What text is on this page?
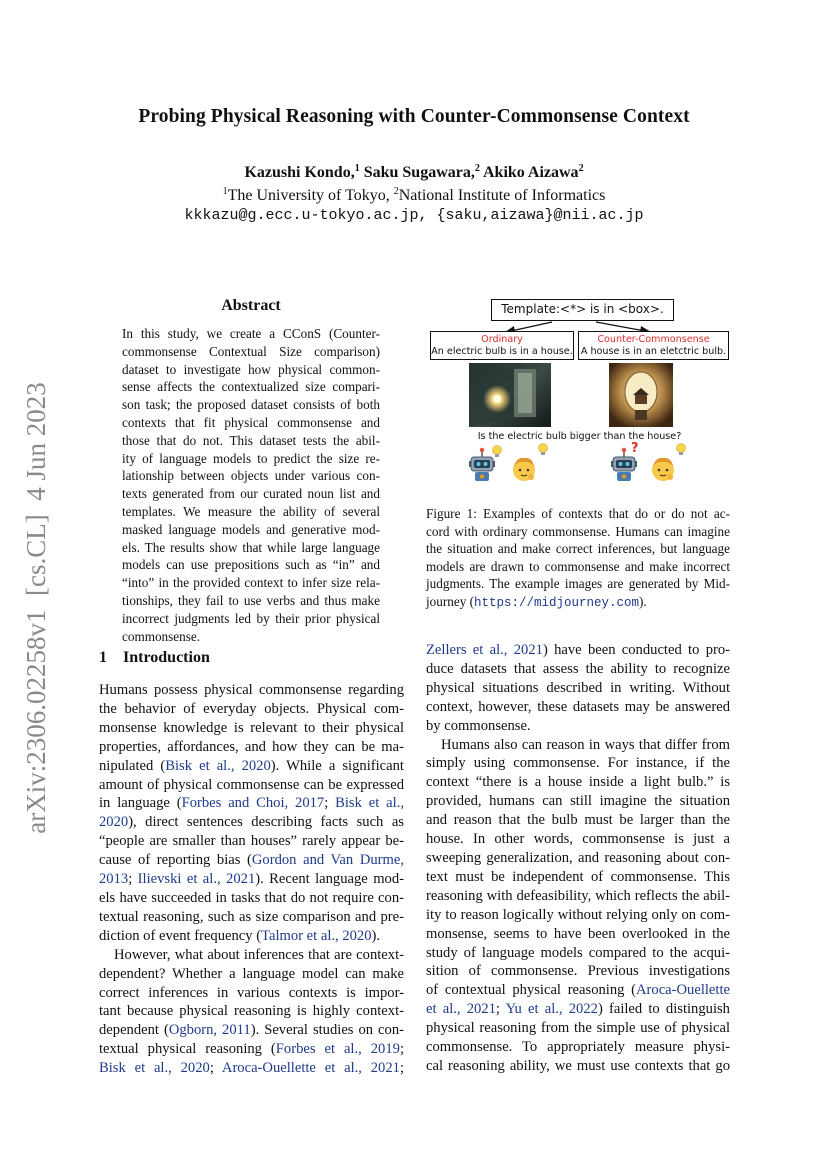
arXiv:2306.02258v1  [cs.CL]  4 Jun 2023
Probing Physical Reasoning with Counter-Commonsense Context
Kazushi Kondo,$^1$ Saku Sugawara,$^2$ Akiko Aizawa$^2$
$^1$The University of Tokyo, $^2$National Institute of Informatics
kkkazu@g.ecc.u-tokyo.ac.jp, {saku,aizawa}@nii.ac.jp
Abstract
In this study, we create a CConS (Counter-
commonsense Contextual Size comparison)
dataset to investigate how physical common-
sense affects the contextualized size compari-
son task; the proposed dataset consists of both
contexts that fit physical commonsense and
those that do not. This dataset tests the abil-
ity of language models to predict the size re-
lationship between objects under various con-
texts generated from our curated noun list and
templates. We measure the ability of several
masked language models and generative mod-
els. The results show that while large language
models can use prepositions such as “in” and
“into” in the provided context to infer size rela-
tionships, they fail to use verbs and thus make
incorrect judgments led by their prior physical
commonsense.
?
Template:<*> is in <box>.
Ordinary
An electric bulb is in a house.
Counter-Commonsense
A house is in an eletctric bulb.
Is the electric bulb bigger than the house?
Figure 1: Examples of contexts that do or do not ac-
cord with ordinary commonsense. Humans can imagine
the situation and make correct inferences, but language
models are drawn to commonsense and make incorrect
judgments. The example images are generated by Mid-
journey (https://midjourney.com).
1 Introduction
Humans possess physical commonsense regarding
the behavior of everyday objects. Physical com-
monsense knowledge is relevant to their physical
properties, affordances, and how they can be ma-
nipulated (Bisk et al., 2020). While a significant
amount of physical commonsense can be expressed
in language (Forbes and Choi, 2017; Bisk et al.,
2020), direct sentences describing facts such as
“people are smaller than houses” rarely appear be-
cause of reporting bias (Gordon and Van Durme,
2013; Ilievski et al., 2021). Recent language mod-
els have succeeded in tasks that do not require con-
textual reasoning, such as size comparison and pre-
diction of event frequency (Talmor et al., 2020).
However, what about inferences that are context-
dependent? Whether a language model can make
correct inferences in various contexts is impor-
tant because physical reasoning is highly context-
dependent (Ogborn, 2011). Several studies on con-
textual physical reasoning (Forbes et al., 2019;
Bisk et al., 2020; Aroca-Ouellette et al., 2021;
Zellers et al., 2021) have been conducted to pro-
duce datasets that assess the ability to recognize
physical situations described in writing. Without
context, however, these datasets may be answered
by commonsense.
Humans also can reason in ways that differ from
simply using commonsense. For instance, if the
context “there is a house inside a light bulb.” is
provided, humans can still imagine the situation
and reason that the bulb must be larger than the
house. In other words, commonsense is just a
sweeping generalization, and reasoning about con-
text must be independent of commonsense. This
reasoning with defeasibility, which reflects the abil-
ity to reason logically without relying only on com-
monsense, seems to have been overlooked in the
study of language models compared to the acqui-
sition of commonsense. Previous investigations
of contextual physical reasoning (Aroca-Ouellette
et al., 2021; Yu et al., 2022) failed to distinguish
physical reasoning from the simple use of physical
commonsense. To appropriately measure physi-
cal reasoning ability, we must use contexts that go
